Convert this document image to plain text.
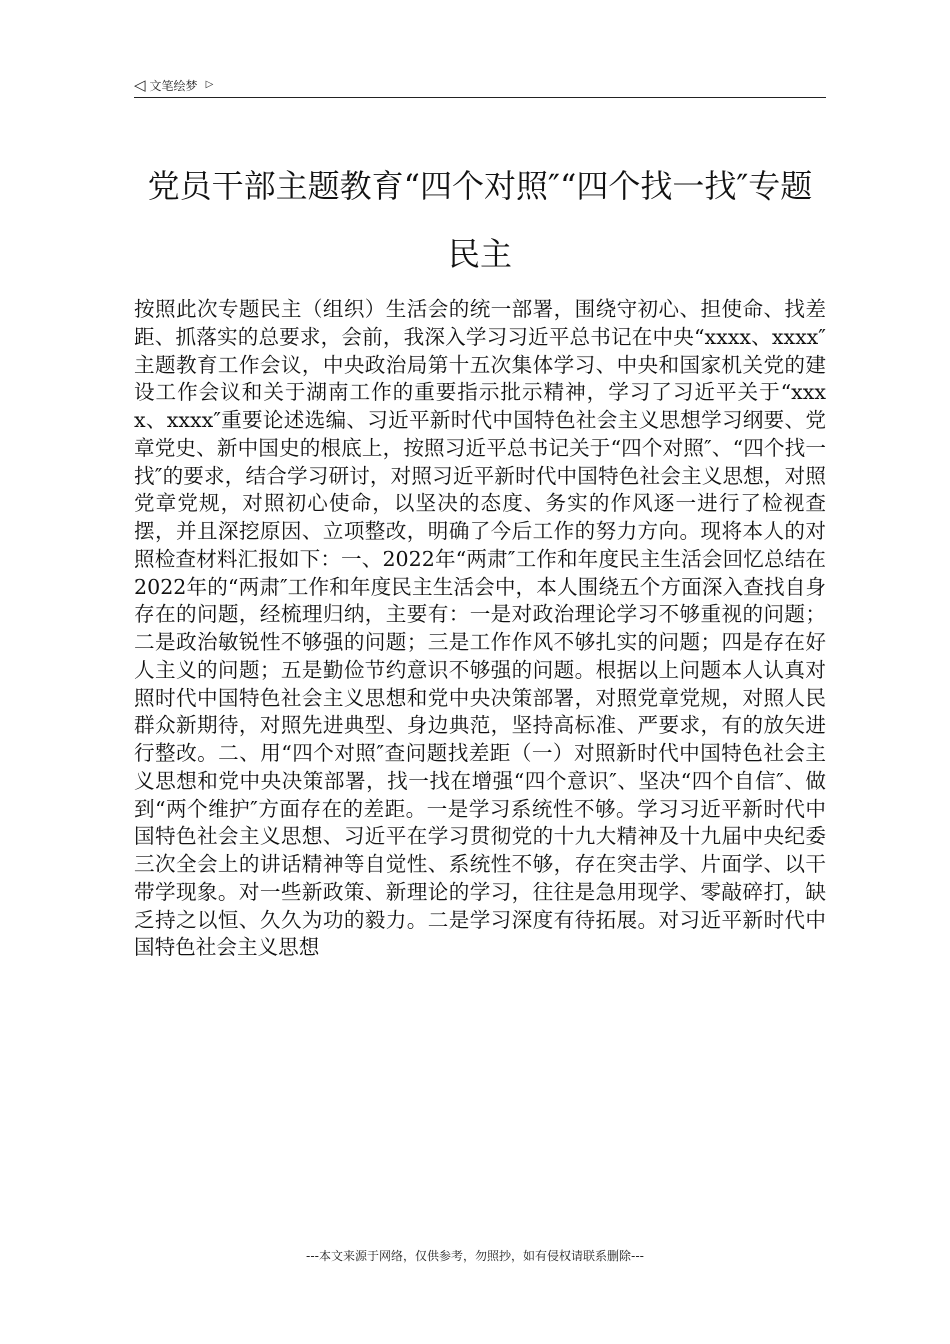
◁ 文笔绘梦 ▷
党员干部主题教育“四个对照″“四个找一找″专题民主

按照此次专题民主（组织）生活会的统一部署，围绕守初心、担使命、找差距、抓落实的总要求，会前，我深入学习习近平总书记在中央“xxxx、xxxx″主题教育工作会议，中央政治局第十五次集体学习、中央和国家机关党的建设工作会议和关于湖南工作的重要指示批示精神，学习了习近平关于“xxxx、xxxx″重要论述选编、习近平新时代中国特色社会主义思想学习纲要、党章党史、新中国史的根底上，按照习近平总书记关于“四个对照″、“四个找一找″的要求，结合学习研讨，对照习近平新时代中国特色社会主义思想，对照党章党规，对照初心使命，以坚决的态度、务实的作风逐一进行了检视查摆，并且深挖原因、立项整改，明确了今后工作的努力方向。现将本人的对照检查材料汇报如下：一、2022年“两肃″工作和年度民主生活会回忆总结在2022年的“两肃″工作和年度民主生活会中，本人围绕五个方面深入查找自身存在的问题，经梳理归纳，主要有：一是对政治理论学习不够重视的问题；二是政治敏锐性不够强的问题；三是工作作风不够扎实的问题；四是存在好人主义的问题；五是勤俭节约意识不够强的问题。根据以上问题本人认真对照时代中国特色社会主义思想和党中央决策部署，对照党章党规，对照人民群众新期待，对照先进典型、身边典范，坚持高标准、严要求，有的放矢进行整改。二、用“四个对照″查问题找差距（一）对照新时代中国特色社会主义思想和党中央决策部署，找一找在增强“四个意识″、坚决“四个自信″、做到“两个维护″方面存在的差距。一是学习系统性不够。学习习近平新时代中国特色社会主义思想、习近平在学习贯彻党的十九大精神及十九届中央纪委三次全会上的讲话精神等自觉性、系统性不够，存在突击学、片面学、以干带学现象。对一些新政策、新理论的学习，往往是急用现学、零敲碎打，缺乏持之以恒、久久为功的毅力。二是学习深度有待拓展。对习近平新时代中国特色社会主义思想

---本文来源于网络，仅供参考，勿照抄，如有侵权请联系删除---
